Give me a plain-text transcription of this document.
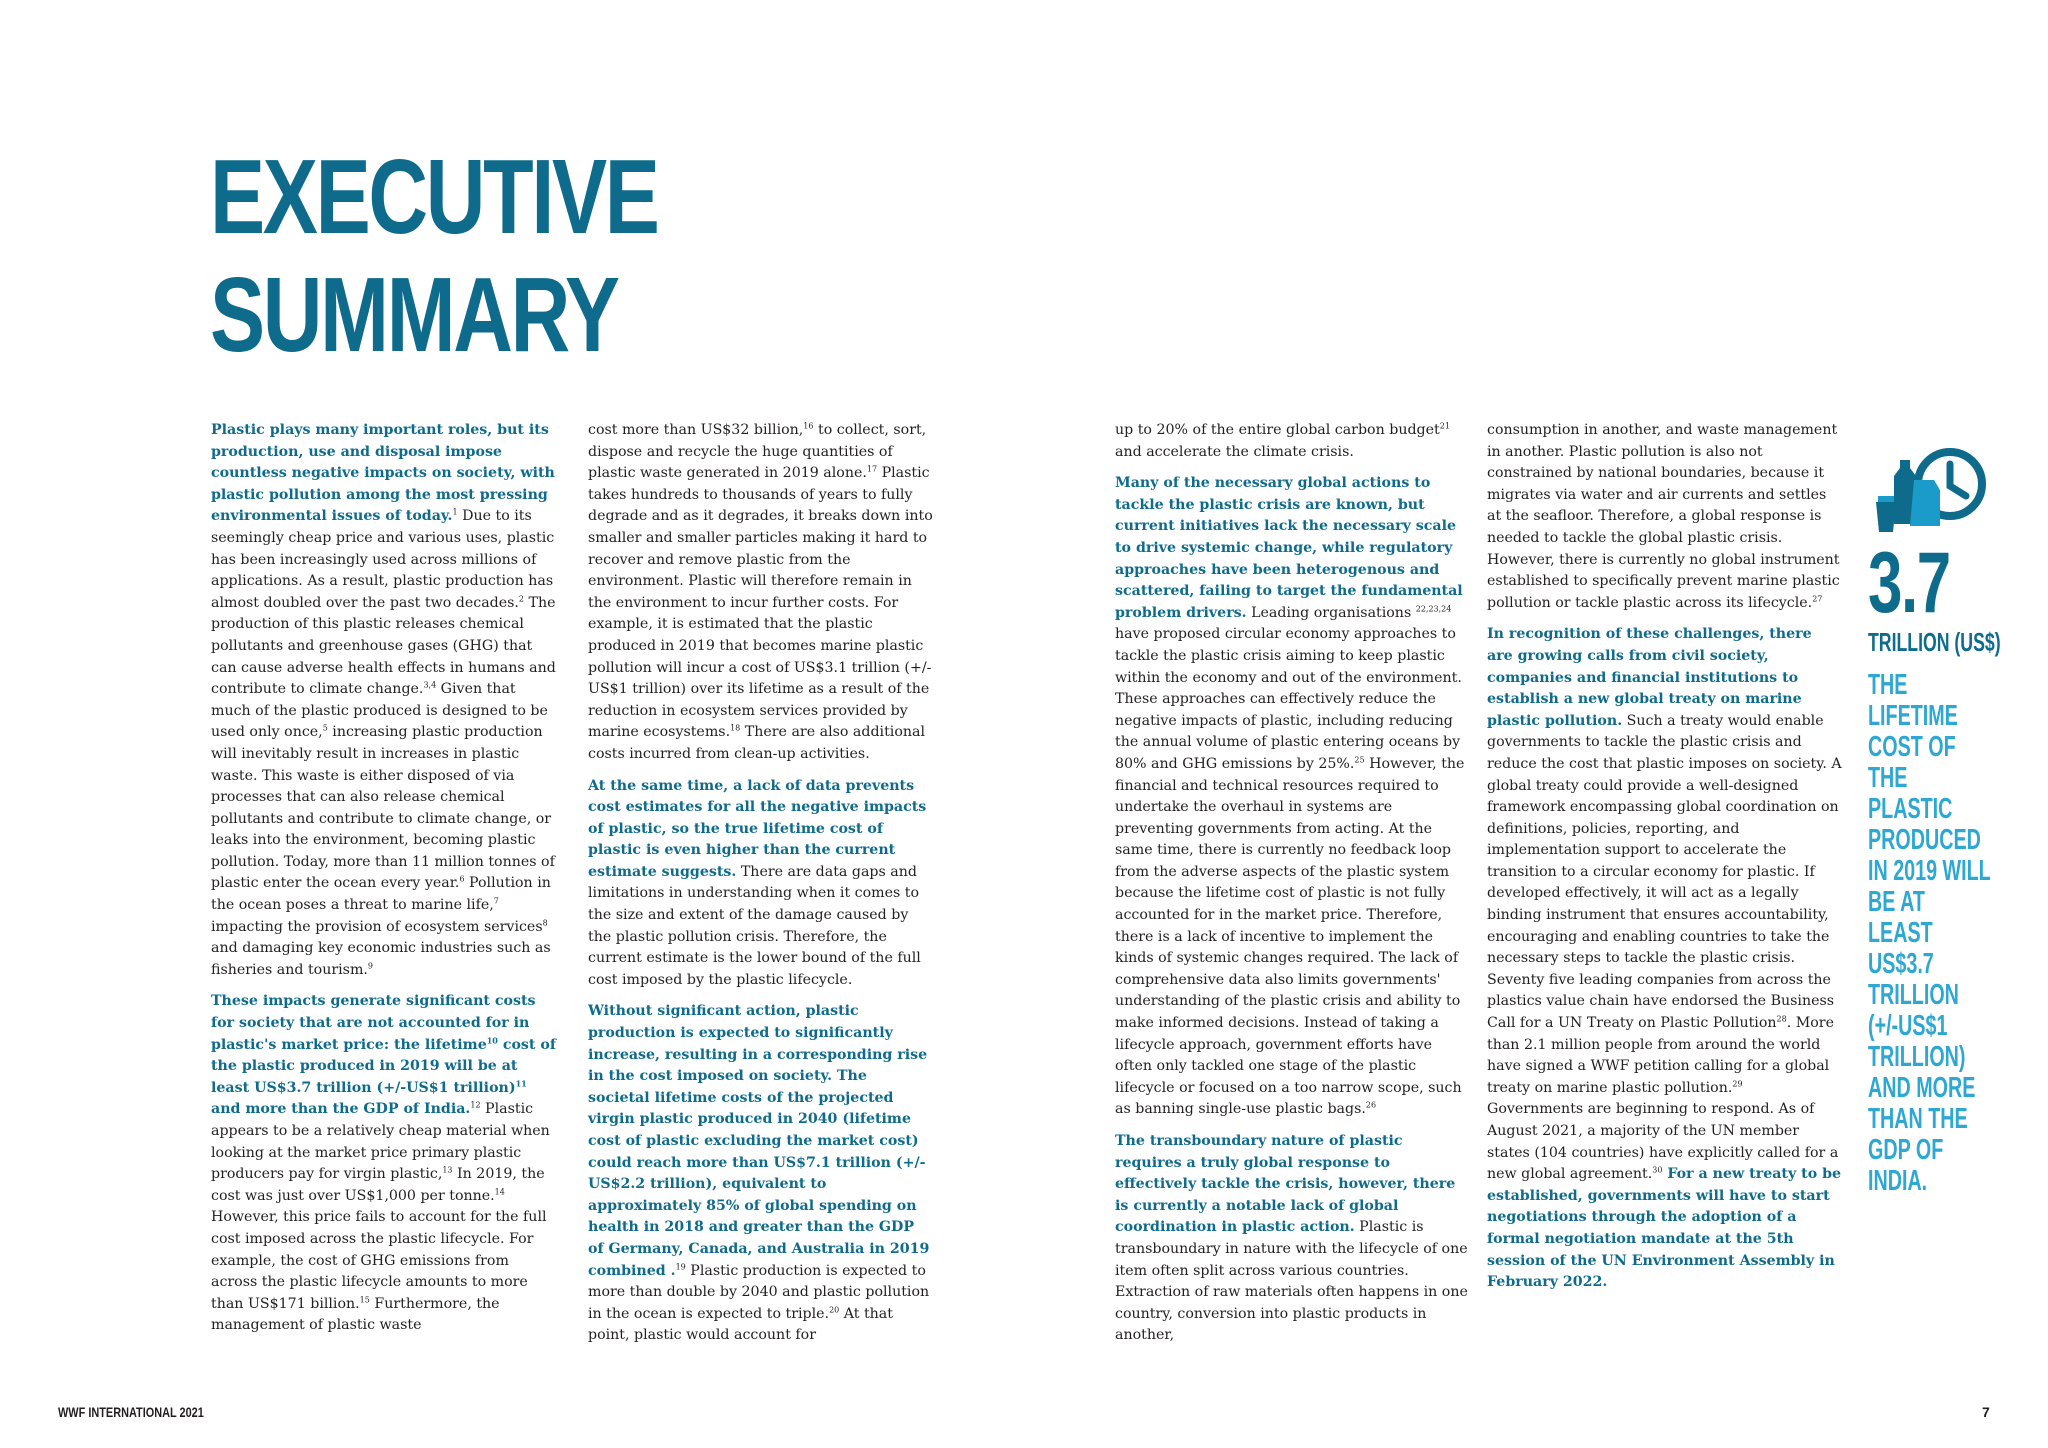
EXECUTIVE
SUMMARY

Plastic plays many important roles, but its production, use and disposal impose countless negative impacts on society, with plastic pollution among the most pressing environmental issues of today.$^1$ Due to its seemingly cheap price and various uses, plastic has been increasingly used across millions of applications. As a result, plastic production has almost doubled over the past two decades.$^2$ The production of this plastic releases chemical pollutants and greenhouse gases (GHG) that can cause adverse health effects in humans and contribute to climate change.$^{3,4}$ Given that much of the plastic produced is designed to be used only once,$^5$ increasing plastic production will inevitably result in increases in plastic waste. This waste is either disposed of via processes that can also release chemical pollutants and contribute to climate change, or leaks into the environment, becoming plastic pollution. Today, more than 11 million tonnes of plastic enter the ocean every year.$^6$ Pollution in the ocean poses a threat to marine life,$^7$ impacting the provision of ecosystem services$^8$ and damaging key economic industries such as fisheries and tourism.$^9$

These impacts generate significant costs for society that are not accounted for in plastic's market price: the lifetime$^{10}$ cost of the plastic produced in 2019 will be at least US$3.7 trillion (+/-US$1 trillion)$^{11}$ and more than the GDP of India.$^{12}$ Plastic appears to be a relatively cheap material when looking at the market price primary plastic producers pay for virgin plastic,$^{13}$ In 2019, the cost was just over US$1,000 per tonne.$^{14}$ However, this price fails to account for the full cost imposed across the plastic lifecycle. For example, the cost of GHG emissions from across the plastic lifecycle amounts to more than US$171 billion.$^{15}$ Furthermore, the management of plastic waste

cost more than US$32 billion,$^{16}$ to collect, sort, dispose and recycle the huge quantities of plastic waste generated in 2019 alone.$^{17}$ Plastic takes hundreds to thousands of years to fully degrade and as it degrades, it breaks down into smaller and smaller particles making it hard to recover and remove plastic from the environment. Plastic will therefore remain in the environment to incur further costs. For example, it is estimated that the plastic produced in 2019 that becomes marine plastic pollution will incur a cost of US$3.1 trillion (+/-US$1 trillion) over its lifetime as a result of the reduction in ecosystem services provided by marine ecosystems.$^{18}$ There are also additional costs incurred from clean-up activities.

At the same time, a lack of data prevents cost estimates for all the negative impacts of plastic, so the true lifetime cost of plastic is even higher than the current estimate suggests. There are data gaps and limitations in understanding when it comes to the size and extent of the damage caused by the plastic pollution crisis. Therefore, the current estimate is the lower bound of the full cost imposed by the plastic lifecycle.

Without significant action, plastic production is expected to significantly increase, resulting in a corresponding rise in the cost imposed on society. The societal lifetime costs of the projected virgin plastic produced in 2040 (lifetime cost of plastic excluding the market cost) could reach more than US$7.1 trillion (+/-US$2.2 trillion), equivalent to approximately 85% of global spending on health in 2018 and greater than the GDP of Germany, Canada, and Australia in 2019 combined .$^{19}$ Plastic production is expected to more than double by 2040 and plastic pollution in the ocean is expected to triple.$^{20}$ At that point, plastic would account for

up to 20% of the entire global carbon budget$^{21}$ and accelerate the climate crisis.

Many of the necessary global actions to tackle the plastic crisis are known, but current initiatives lack the necessary scale to drive systemic change, while regulatory approaches have been heterogenous and scattered, failing to target the fundamental problem drivers. Leading organisations $^{22,23,24}$ have proposed circular economy approaches to tackle the plastic crisis aiming to keep plastic within the economy and out of the environment. These approaches can effectively reduce the negative impacts of plastic, including reducing the annual volume of plastic entering oceans by 80% and GHG emissions by 25%.$^{25}$ However, the financial and technical resources required to undertake the overhaul in systems are preventing governments from acting. At the same time, there is currently no feedback loop from the adverse aspects of the plastic system because the lifetime cost of plastic is not fully accounted for in the market price. Therefore, there is a lack of incentive to implement the kinds of systemic changes required. The lack of comprehensive data also limits governments' understanding of the plastic crisis and ability to make informed decisions. Instead of taking a lifecycle approach, government efforts have often only tackled one stage of the plastic lifecycle or focused on a too narrow scope, such as banning single-use plastic bags.$^{26}$

The transboundary nature of plastic requires a truly global response to effectively tackle the crisis, however, there is currently a notable lack of global coordination in plastic action. Plastic is transboundary in nature with the lifecycle of one item often split across various countries. Extraction of raw materials often happens in one country, conversion into plastic products in another,

consumption in another, and waste management in another. Plastic pollution is also not constrained by national boundaries, because it migrates via water and air currents and settles at the seafloor. Therefore, a global response is needed to tackle the global plastic crisis. However, there is currently no global instrument established to specifically prevent marine plastic pollution or tackle plastic across its lifecycle.$^{27}$

In recognition of these challenges, there are growing calls from civil society, companies and financial institutions to establish a new global treaty on marine plastic pollution. Such a treaty would enable governments to tackle the plastic crisis and reduce the cost that plastic imposes on society. A global treaty could provide a well-designed framework encompassing global coordination on definitions, policies, reporting, and implementation support to accelerate the transition to a circular economy for plastic. If developed effectively, it will act as a legally binding instrument that ensures accountability, encouraging and enabling countries to take the necessary steps to tackle the plastic crisis. Seventy five leading companies from across the plastics value chain have endorsed the Business Call for a UN Treaty on Plastic Pollution$^{28}$. More than 2.1 million people from around the world have signed a WWF petition calling for a global treaty on marine plastic pollution.$^{29}$ Governments are beginning to respond. As of August 2021, a majority of the UN member states (104 countries) have explicitly called for a new global agreement.$^{30}$ For a new treaty to be established, governments will have to start negotiations through the adoption of a formal negotiation mandate at the 5th session of the UN Environment Assembly in February 2022.

3.7
TRILLION (US$)
THE LIFETIME COST OF THE PLASTIC PRODUCED IN 2019 WILL BE AT LEAST US$3.7 TRILLION (+/-US$1 TRILLION) AND MORE THAN THE GDP OF INDIA.
WWF INTERNATIONAL 2021	7
